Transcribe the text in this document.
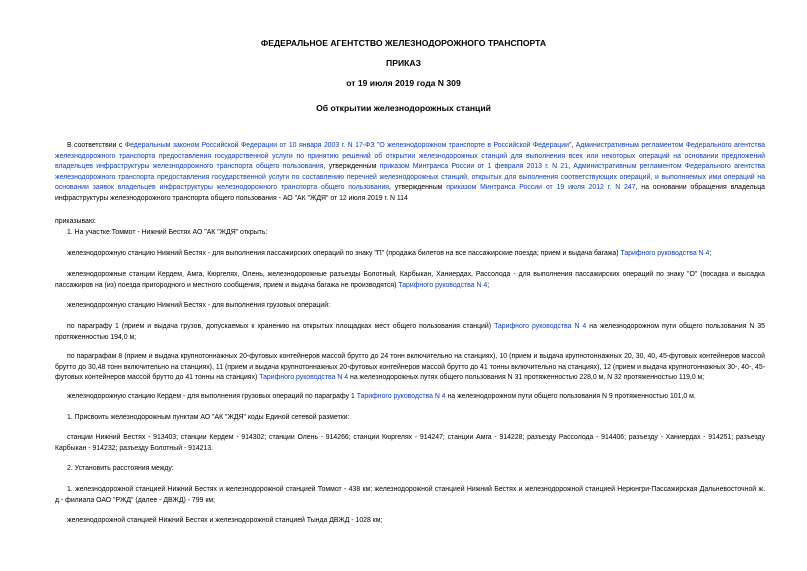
ФЕДЕРАЛЬНОЕ АГЕНТСТВО ЖЕЛЕЗНОДОРОЖНОГО ТРАНСПОРТА
ПРИКАЗ
от 19 июля 2019 года N 309
Об открытии железнодорожных станций
В соответствии с Федеральным законом Российской Федерации от 10 января 2003 г. N 17-ФЗ "О железнодорожном транспорте в Российской Федерации", Административным регламентом Федерального агентства железнодорожного транспорта предоставления государственной услуги по принятию решений об открытии железнодорожных станций для выполнения всех или некоторых операций на основании предложений владельцев инфраструктуры железнодорожного транспорта общего пользования, утвержденным приказом Минтранса России от 1 февраля 2013 г. N 21, Административным регламентом Федерального агентства железнодорожного транспорта предоставления государственной услуги по составлению перечней железнодорожных станций, открытых для выполнения соответствующих операций, и выполняемых ими операций на основании заявок владельцев инфраструктуры железнодорожного транспорта общего пользования, утвержденным приказом Минтранса России от 19 июля 2012 г. N 247, на основании обращения владельца инфраструктуры железнодорожного транспорта общего пользования - АО "АК "ЖДЯ" от 12 июля 2019 г. N 114
приказываю:
1. На участке Томмот - Нижний Бестях АО "АК "ЖДЯ" открыть:
железнодорожную станцию Нижний Бестях - для выполнения пассажирских операций по знаку "П" (продажа билетов на все пассажирские поезда; прием и выдача багажа) Тарифного руководства N 4;
железнодорожные станции Кердем, Амга, Кюргелях, Олень, железнодорожные разъезды Болотный, Карбыкан, Ханиердах, Рассолода - для выполнения пассажирских операций по знаку "О" (посадка и высадка пассажиров на (из) поезда пригородного и местного сообщения, прием и выдача багажа не производятся) Тарифного руководства N 4;
железнодорожную станцию Нижний Бестях - для выполнения грузовых операций:
по параграфу 1 (прием и выдача грузов, допускаемых к хранению на открытых площадках мест общего пользования станций) Тарифного руководства N 4 на железнодорожном пути общего пользования N 35 протяженностью 194,0 м;
по параграфам 8 (прием и выдача крупнотоннажных 20-футовых контейнеров массой брутто до 24 тонн включительно на станциях), 10 (прием и выдача крупнотоннажных 20, 30, 40, 45-футовых контейнеров массой брутто до 30,48 тонн включительно на станциях), 11 (прием и выдача крупнотоннажных 20-футовых контейнеров массой брутто до 41 тонны включительно на станциях), 12 (прием и выдача крупнотоннажных 30-, 40-, 45-футовых контейнеров массой брутто до 41 тонны на станциях) Тарифного руководства N 4 на железнодорожных путях общего пользования N 31 протяженностью 228,0 м, N 32 протяженностью 119,0 м;
железнодорожную станцию Кердем - для выполнения грузовых операций по параграфу 1 Тарифного руководства N 4 на железнодорожном пути общего пользования N 9 протяженностью 101,0 м.
1. Присвоить железнодорожным пунктам АО "АК "ЖДЯ" коды Единой сетевой разметки:
станции Нижний Бестях - 913403; станции Кердем - 914302; станции Олень - 914266; станции Кюргелях - 914247; станции Амга - 914228; разъезду Рассолода - 914406; разъезду - Ханиердах - 914251; разъезду Карбыкан - 914232; разъезду Болотный - 914213.
2. Установить расстояния между:
1. железнодорожной станцией Нижний Бестях и железнодорожной станцией Томмот - 438 км; железнодорожной станцией Нижний Бестях и железнодорожной станцией Нерюнгри-Пассажирская Дальневосточной ж. д.- филиала ОАО "РЖД" (далее - ДВЖД) - 799 км;
железнодорожной станцией Нижний Бестях и железнодорожной станцией Тында ДВЖД - 1028 км;
